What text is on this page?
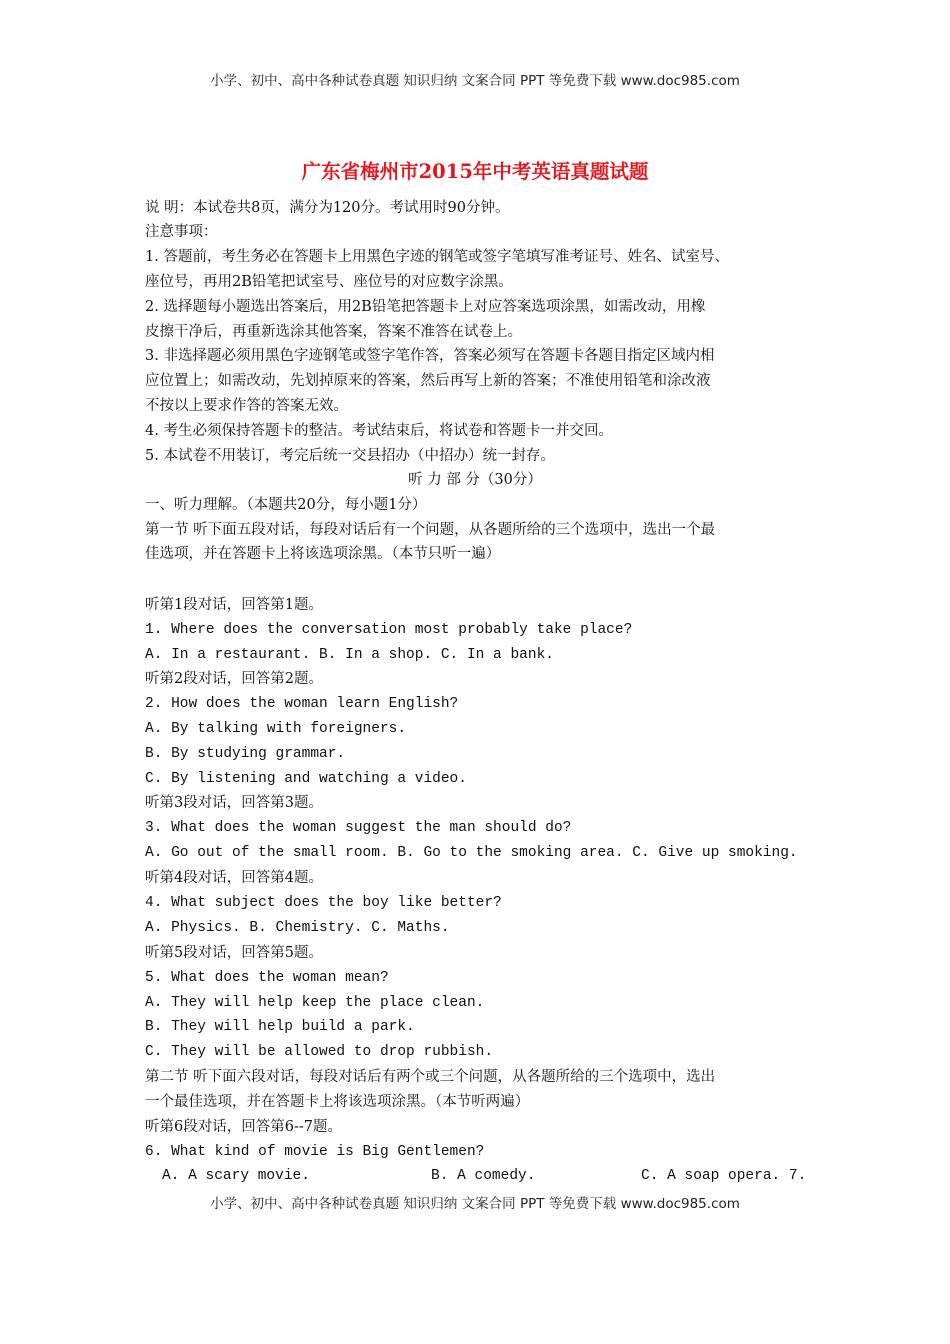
小学、初中、高中各种试卷真题 知识归纳 文案合同 PPT 等免费下载 www.doc985.com
广东省梅州市2015年中考英语真题试题
说 明：本试卷共8页，满分为120分。考试用时90分钟。
注意事项：
1. 答题前，考生务必在答题卡上用黑色字迹的钢笔或签字笔填写准考证号、姓名、试室号、
座位号，再用2B铅笔把试室号、座位号的对应数字涂黑。
2. 选择题每小题选出答案后，用2B铅笔把答题卡上对应答案选项涂黑，如需改动，用橡
皮擦干净后，再重新选涂其他答案，答案不准答在试卷上。
3. 非选择题必须用黑色字迹钢笔或签字笔作答，答案必须写在答题卡各题目指定区域内相
应位置上；如需改动，先划掉原来的答案，然后再写上新的答案；不准使用铅笔和涂改液
不按以上要求作答的答案无效。
4. 考生必须保持答题卡的整洁。考试结束后，将试卷和答题卡一并交回。
5. 本试卷不用装订，考完后统一交县招办（中招办）统一封存。
听 力 部 分（30分）
一、听力理解。（本题共20分，每小题1分）
第一节 听下面五段对话，每段对话后有一个问题，从各题所给的三个选项中，选出一个最
佳选项，并在答题卡上将该选项涂黑。（本节只听一遍）
听第1段对话，回答第1题。
1. Where does the conversation most probably take place?
A. In a restaurant. B. In a shop. C. In a bank.
听第2段对话，回答第2题。
2. How does the woman learn English?
A. By talking with foreigners.
B. By studying grammar.
C. By listening and watching a video.
听第3段对话，回答第3题。
3. What does the woman suggest the man should do?
A. Go out of the small room. B. Go to the smoking area. C. Give up smoking.
听第4段对话，回答第4题。
4. What subject does the boy like better?
A. Physics. B. Chemistry. C. Maths.
听第5段对话，回答第5题。
5. What does the woman mean?
A. They will help keep the place clean.
B. They will help build a park.
C. They will be allowed to drop rubbish.
第二节 听下面六段对话，每段对话后有两个或三个问题，从各题所给的三个选项中，选出
一个最佳选项，并在答题卡上将该选项涂黑。（本节听两遍）
听第6段对话，回答第6--7题。
6. What kind of movie is Big Gentlemen?
A. A scary movie.	B. A comedy.	C. A soap opera. 7.
小学、初中、高中各种试卷真题 知识归纳 文案合同 PPT 等免费下载 www.doc985.com
